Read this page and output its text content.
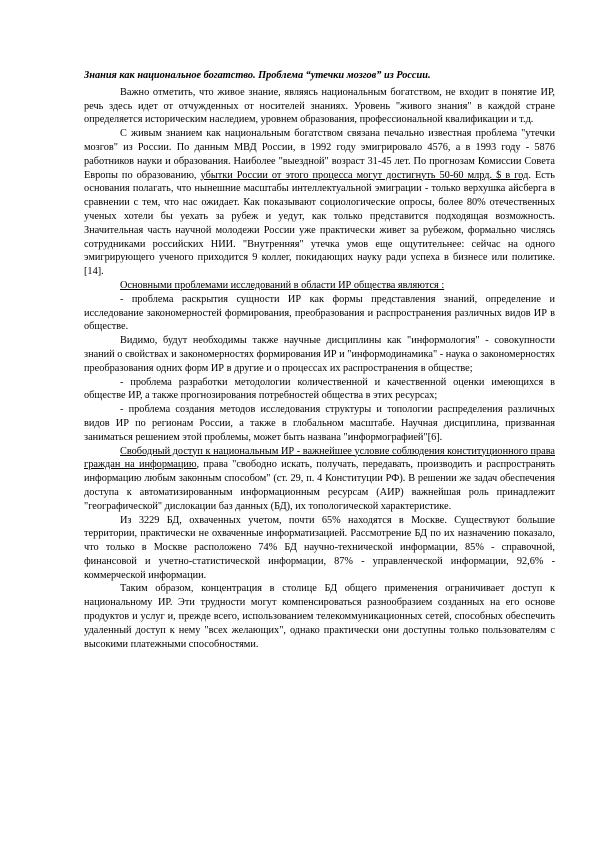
Знания как национальное богатство. Проблема “утечки мозгов” из России.

Важно отметить, что живое знание, являясь национальным богатством, не входит в понятие ИР, речь здесь идет от отчужденных от носителей знаниях. Уровень "живого знания" в каждой стране определяется историческим наследием, уровнем образования, профессиональной квалификации и т.д.

С живым знанием как национальным богатством связана печально известная проблема "утечки мозгов" из России. По данным МВД России, в 1992 году эмигрировало 4576, а в 1993 году - 5876 работников науки и образования. Наиболее "выездной" возраст 31-45 лет. По прогнозам Комиссии Совета Европы по образованию, убытки России от этого процесса могут достигнуть 50-60 млрд. $ в год. Есть основания полагать, что нынешние масштабы интеллектуальной эмиграции - только верхушка айсберга в сравнении с тем, что нас ожидает. Как показывают социологические опросы, более 80% отечественных ученых хотели бы уехать за рубеж и уедут, как только представится подходящая возможность. Значительная часть научной молодежи России уже практически живет за рубежом, формально числясь сотрудниками российских НИИ. "Внутренняя" утечка умов еще ощутительнее: сейчас на одного эмигрирующего ученого приходится 9 коллег, покидающих науку ради успеха в бизнесе или политике. [14].

Основными проблемами исследований в области ИР общества являются :

- проблема раскрытия сущности ИР как формы представления знаний, определение и исследование закономерностей формирования, преобразования и распространения различных видов ИР в обществе.

Видимо, будут необходимы также научные дисциплины как "информология" - совокупности знаний о свойствах и закономерностях формирования ИР и "информодинамика" - наука о закономерностях преобразования одних форм ИР в другие и о процессах их распространения в обществе;

- проблема разработки методологии количественной и качественной оценки имеющихся в обществе ИР, а также прогнозирования потребностей общества в этих ресурсах;

- проблема создания методов исследования структуры и топологии распределения различных видов ИР по регионам России, а также в глобальном масштабе. Научная дисциплина, призванная заниматься решением этой проблемы, может быть названа "информографией"[6].

Свободный доступ к национальным ИР - важнейшее условие соблюдения конституционного права граждан на информацию, права "свободно искать, получать, передавать, производить и распространять информацию любым законным способом" (ст. 29, п. 4 Конституции РФ). В решении же задач обеспечения доступа к автоматизированным информационным ресурсам (АИР) важнейшая роль принадлежит "географической" дислокации баз данных (БД), их топологической характеристике.

Из 3229 БД, охваченных учетом, почти 65% находятся в Москве. Существуют большие территории, практически не охваченные информатизацией. Рассмотрение БД по их назначению показало, что только в Москве расположено 74% БД научно-технической информации, 85% - справочной, финансовой и учетно-статистической информации, 87% - управленческой информации, 92,6% - коммерческой информации.

Таким образом, концентрация в столице БД общего применения ограничивает доступ к национальному ИР. Эти трудности могут компенсироваться разнообразием созданных на его основе продуктов и услуг и, прежде всего, использованием телекоммуникационных сетей, способных обеспечить удаленный доступ к нему "всех желающих", однако практически они доступны только пользователям с высокими платежными способностями.
